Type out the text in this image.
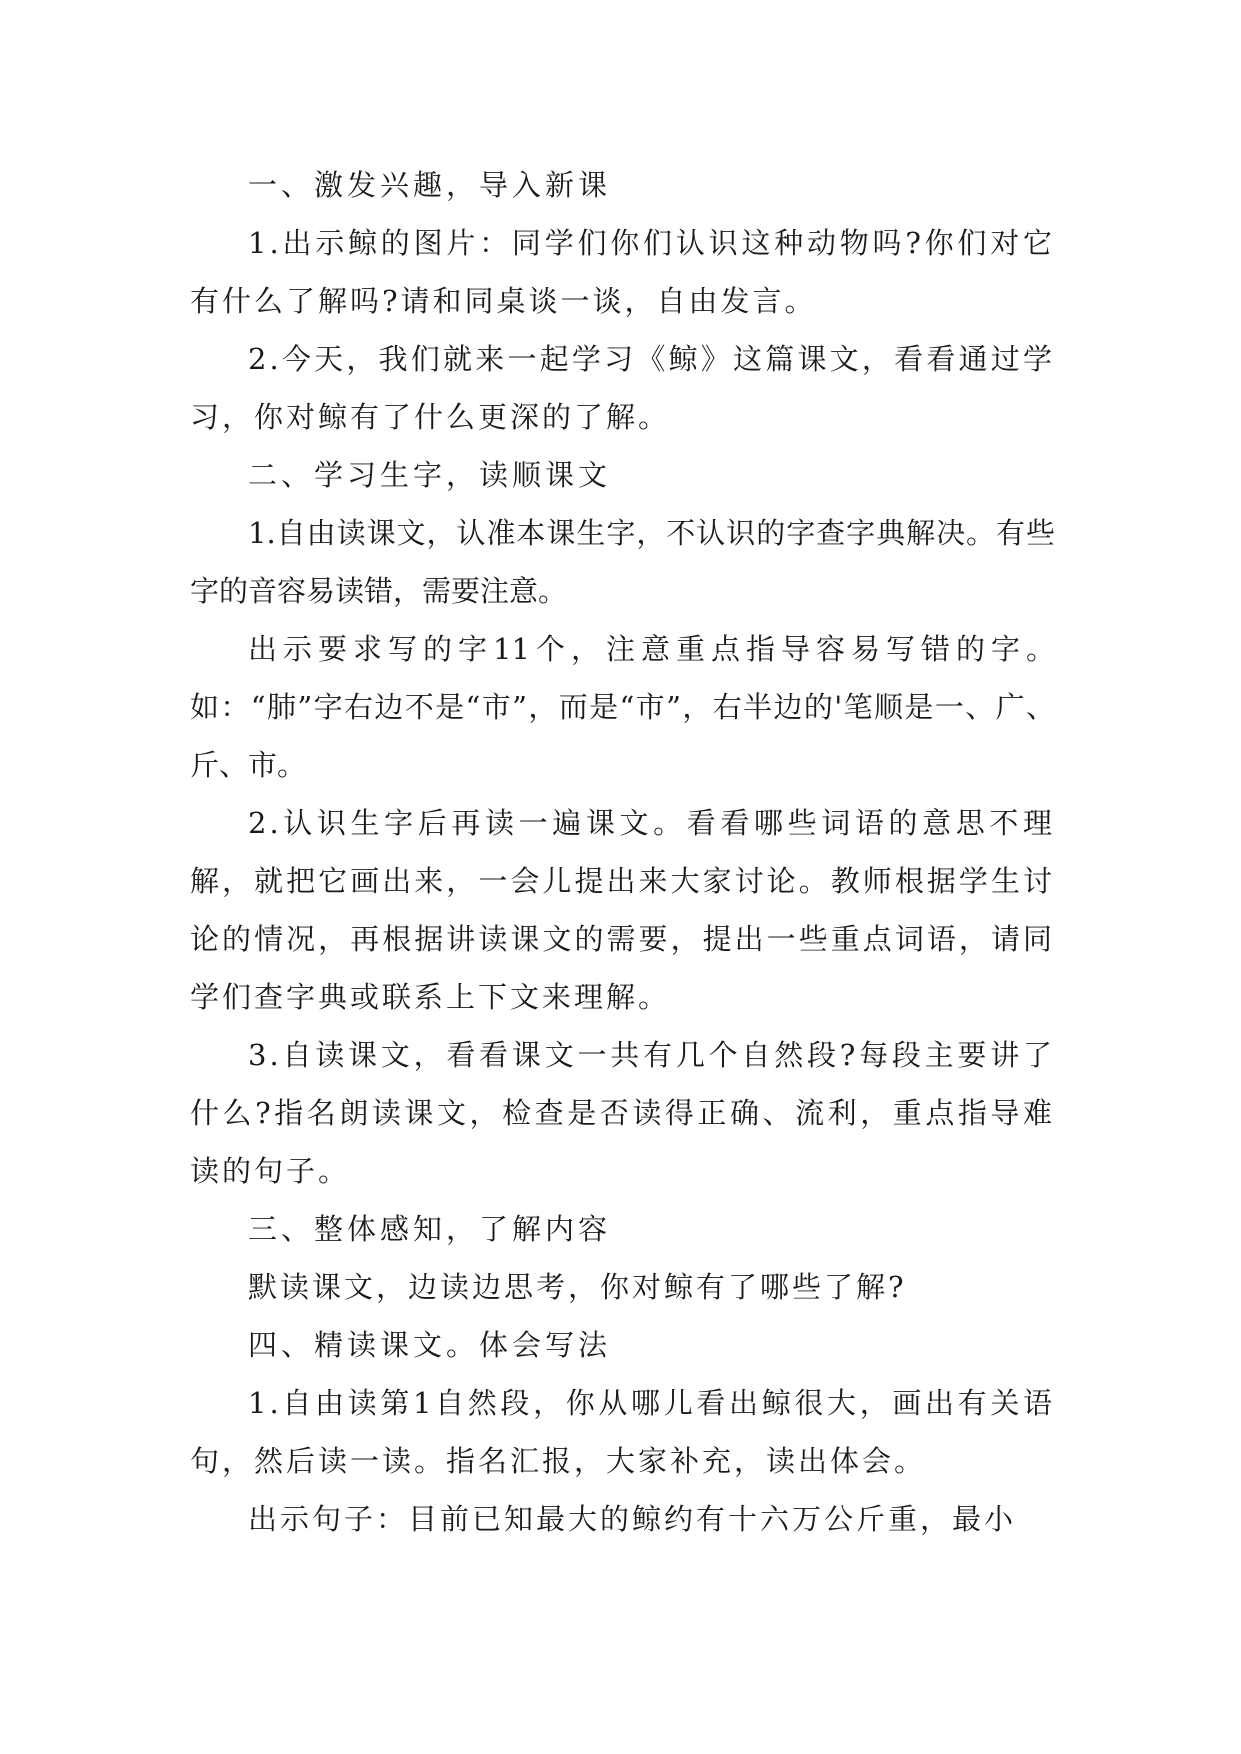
一、激发兴趣，导入新课

1.出示鲸的图片：同学们你们认识这种动物吗?你们对它有什么了解吗?请和同桌谈一谈，自由发言。

2.今天，我们就来一起学习《鲸》这篇课文，看看通过学习，你对鲸有了什么更深的了解。

二、学习生字，读顺课文

1.自由读课文，认准本课生字，不认识的字查字典解决。有些字的音容易读错，需要注意。

出示要求写的字11个，注意重点指导容易写错的字。如：“肺”字右边不是“市”，而是“市”，右半边的'笔顺是一、广、斤、市。

2.认识生字后再读一遍课文。看看哪些词语的意思不理解，就把它画出来，一会儿提出来大家讨论。教师根据学生讨论的情况，再根据讲读课文的需要，提出一些重点词语，请同学们查字典或联系上下文来理解。

3.自读课文，看看课文一共有几个自然段?每段主要讲了什么?指名朗读课文，检查是否读得正确、流利，重点指导难读的句子。

三、整体感知，了解内容

默读课文，边读边思考，你对鲸有了哪些了解?

四、精读课文。体会写法

1.自由读第1自然段，你从哪儿看出鲸很大，画出有关语句，然后读一读。指名汇报，大家补充，读出体会。

出示句子：目前已知最大的鲸约有十六万公斤重，最小
